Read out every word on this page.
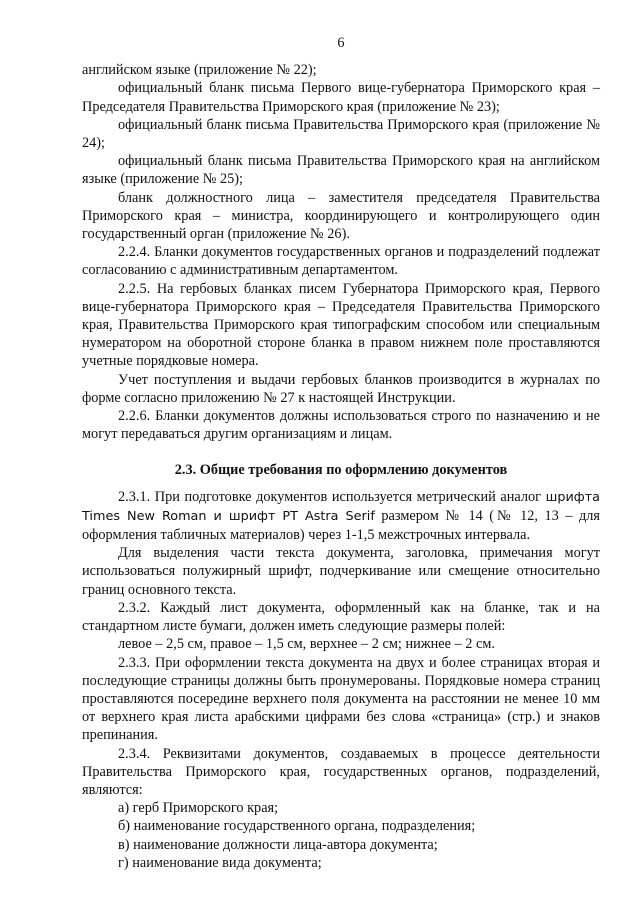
6

английском языке (приложение № 22);

официальный бланк письма Первого вице-губернатора Приморского края – Председателя Правительства Приморского края (приложение № 23);

официальный бланк письма Правительства Приморского края (приложение № 24);

официальный бланк письма Правительства Приморского края на английском языке (приложение № 25);

бланк должностного лица – заместителя председателя Правительства Приморского края – министра, координирующего и контролирующего один государственный орган (приложение № 26).

2.2.4. Бланки документов государственных органов и подразделений подлежат согласованию с административным департаментом.

2.2.5. На гербовых бланках писем Губернатора Приморского края, Первого вице-губернатора Приморского края – Председателя Правительства Приморского края, Правительства Приморского края типографским способом или специальным нумератором на оборотной стороне бланка в правом нижнем поле проставляются учетные порядковые номера.

Учет поступления и выдачи гербовых бланков производится в журналах по форме согласно приложению № 27 к настоящей Инструкции.

2.2.6. Бланки документов должны использоваться строго по назначению и не могут передаваться другим организациям и лицам.

2.3. Общие требования по оформлению документов

2.3.1. При подготовке документов используется метрический аналог шрифта Times New Roman и шрифт PT Astra Serif размером № 14 (№ 12, 13 – для оформления табличных материалов) через 1-1,5 межстрочных интервала.

Для выделения части текста документа, заголовка, примечания могут использоваться полужирный шрифт, подчеркивание или смещение относительно границ основного текста.

2.3.2. Каждый лист документа, оформленный как на бланке, так и на стандартном листе бумаги, должен иметь следующие размеры полей:

левое – 2,5 см, правое – 1,5 см, верхнее – 2 см; нижнее – 2 см.

2.3.3. При оформлении текста документа на двух и более страницах вторая и последующие страницы должны быть пронумерованы. Порядковые номера страниц проставляются посередине верхнего поля документа на расстоянии не менее 10 мм от верхнего края листа арабскими цифрами без слова «страница» (стр.) и знаков препинания.

2.3.4. Реквизитами документов, создаваемых в процессе деятельности Правительства Приморского края, государственных органов, подразделений, являются:

а) герб Приморского края;

б) наименование государственного органа, подразделения;

в) наименование должности лица-автора документа;

г) наименование вида документа;
